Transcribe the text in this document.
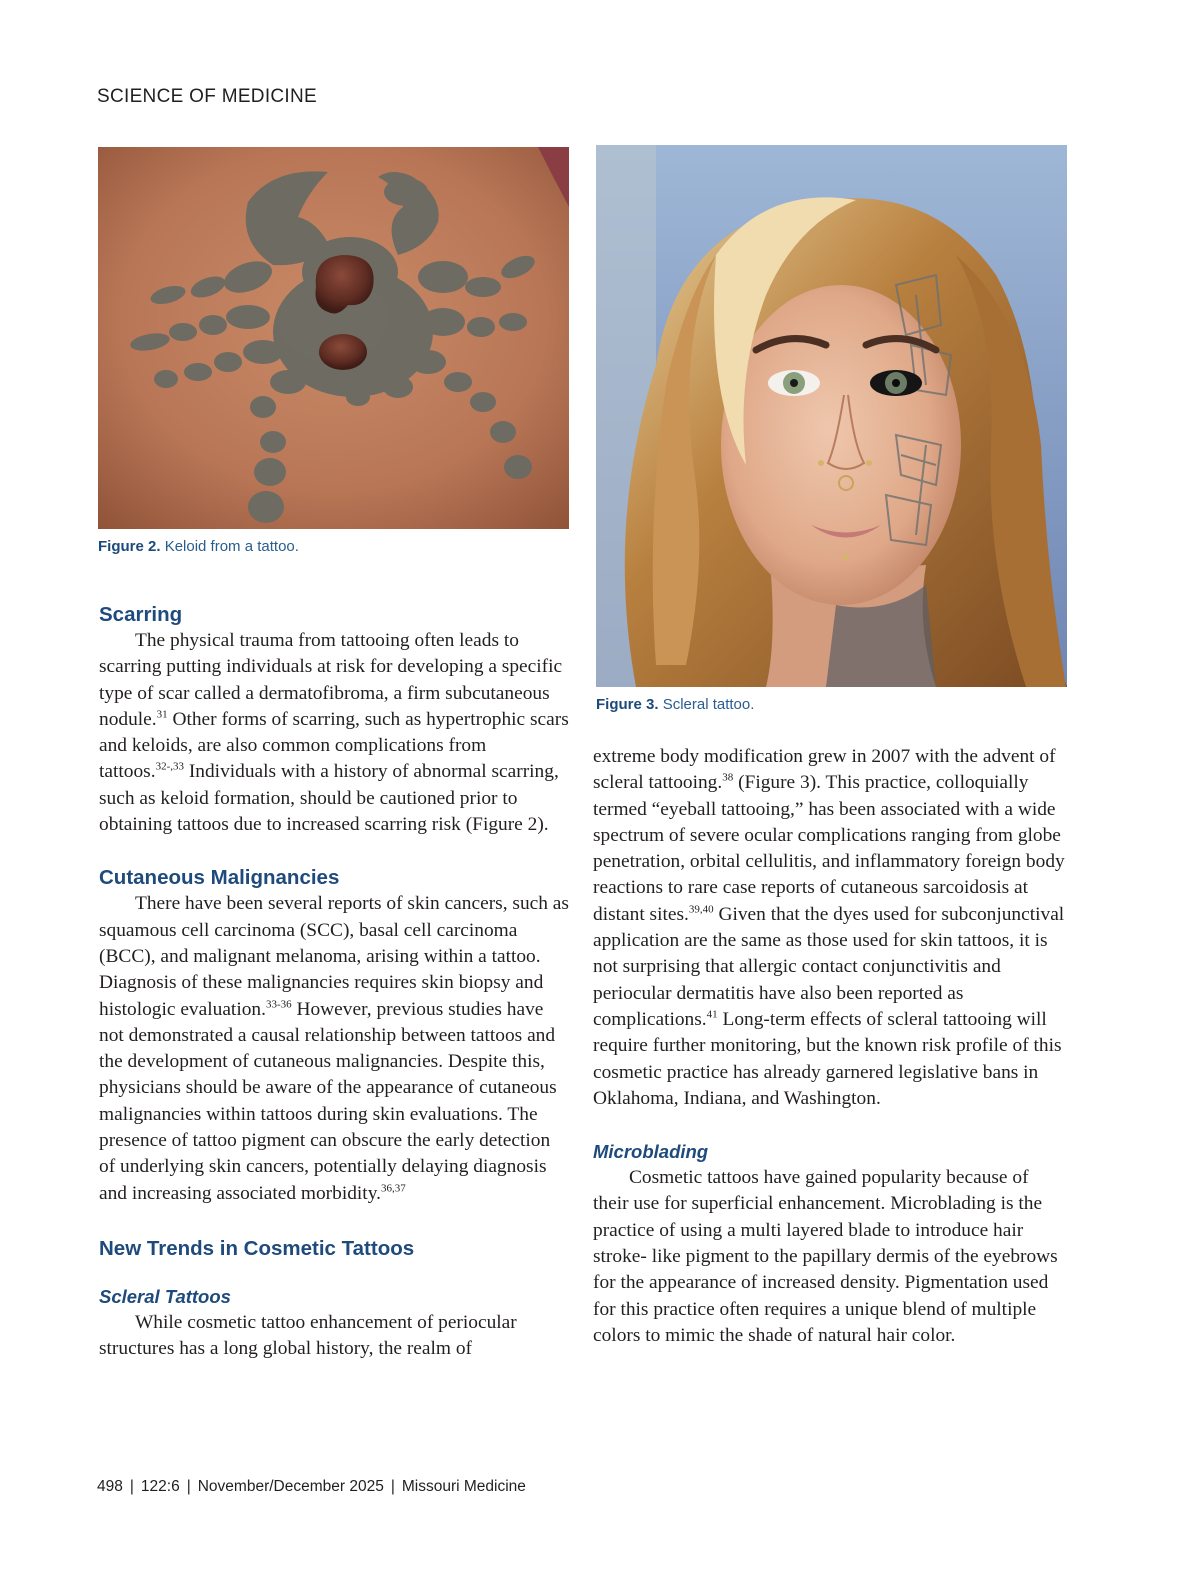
SCIENCE OF MEDICINE
Figure 2. Keloid from a tattoo.
Figure 3. Scleral tattoo.
Scarring

The physical trauma from tattooing often leads to scarring putting individuals at risk for developing a specific type of scar called a dermatofibroma, a firm subcutaneous nodule.$^{31}$ Other forms of scarring, such as hypertrophic scars and keloids, are also common complications from tattoos.$^{32-,33}$ Individuals with a history of abnormal scarring, such as keloid formation, should be cautioned prior to obtaining tattoos due to increased scarring risk (Figure 2).

Cutaneous Malignancies

There have been several reports of skin cancers, such as squamous cell carcinoma (SCC), basal cell carcinoma (BCC), and malignant melanoma, arising within a tattoo. Diagnosis of these malignancies requires skin biopsy and histologic evaluation.$^{33-36}$ However, previous studies have not demonstrated a causal relationship between tattoos and the development of cutaneous malignancies. Despite this, physicians should be aware of the appearance of cutaneous malignancies within tattoos during skin evaluations. The presence of tattoo pigment can obscure the early detection of underlying skin cancers, potentially delaying diagnosis and increasing associated morbidity.$^{36,37}$

New Trends in Cosmetic Tattoos
Scleral Tattoos

While cosmetic tattoo enhancement of periocular structures has a long global history, the realm of

extreme body modification grew in 2007 with the advent of scleral tattooing.$^{38}$ (Figure 3). This practice, colloquially termed “eyeball tattooing,” has been associated with a wide spectrum of severe ocular complications ranging from globe penetration, orbital cellulitis, and inflammatory foreign body reactions to rare case reports of cutaneous sarcoidosis at distant sites.$^{39,40}$ Given that the dyes used for subconjunctival application are the same as those used for skin tattoos, it is not surprising that allergic contact conjunctivitis and periocular dermatitis have also been reported as complications.$^{41}$ Long-term effects of scleral tattooing will require further monitoring, but the known risk profile of this cosmetic practice has already garnered legislative bans in Oklahoma, Indiana, and Washington.

Microblading

Cosmetic tattoos have gained popularity because of their use for superficial enhancement. Microblading is the practice of using a multi layered blade to introduce hair stroke- like pigment to the papillary dermis of the eyebrows for the appearance of increased density. Pigmentation used for this practice often requires a unique blend of multiple colors to mimic the shade of natural hair color.

498 | 122:6 | November/December 2025 | Missouri Medicine
